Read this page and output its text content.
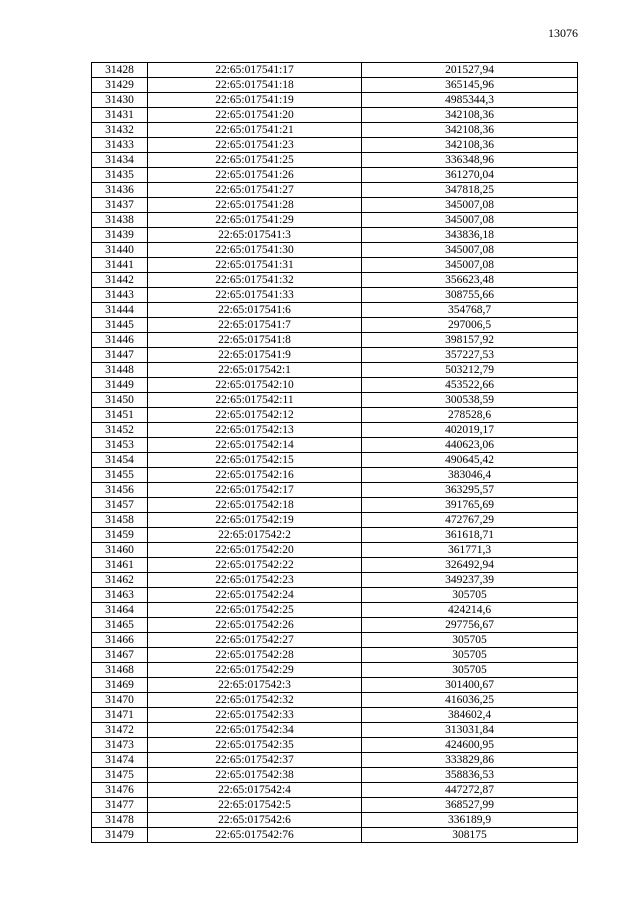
13076
31428	22:65:017541:17	201527,94
31429	22:65:017541:18	365145,96
31430	22:65:017541:19	4985344,3
31431	22:65:017541:20	342108,36
31432	22:65:017541:21	342108,36
31433	22:65:017541:23	342108,36
31434	22:65:017541:25	336348,96
31435	22:65:017541:26	361270,04
31436	22:65:017541:27	347818,25
31437	22:65:017541:28	345007,08
31438	22:65:017541:29	345007,08
31439	22:65:017541:3	343836,18
31440	22:65:017541:30	345007,08
31441	22:65:017541:31	345007,08
31442	22:65:017541:32	356623,48
31443	22:65:017541:33	308755,66
31444	22:65:017541:6	354768,7
31445	22:65:017541:7	297006,5
31446	22:65:017541:8	398157,92
31447	22:65:017541:9	357227,53
31448	22:65:017542:1	503212,79
31449	22:65:017542:10	453522,66
31450	22:65:017542:11	300538,59
31451	22:65:017542:12	278528,6
31452	22:65:017542:13	402019,17
31453	22:65:017542:14	440623,06
31454	22:65:017542:15	490645,42
31455	22:65:017542:16	383046,4
31456	22:65:017542:17	363295,57
31457	22:65:017542:18	391765,69
31458	22:65:017542:19	472767,29
31459	22:65:017542:2	361618,71
31460	22:65:017542:20	361771,3
31461	22:65:017542:22	326492,94
31462	22:65:017542:23	349237,39
31463	22:65:017542:24	305705
31464	22:65:017542:25	424214,6
31465	22:65:017542:26	297756,67
31466	22:65:017542:27	305705
31467	22:65:017542:28	305705
31468	22:65:017542:29	305705
31469	22:65:017542:3	301400,67
31470	22:65:017542:32	416036,25
31471	22:65:017542:33	384602,4
31472	22:65:017542:34	313031,84
31473	22:65:017542:35	424600,95
31474	22:65:017542:37	333829,86
31475	22:65:017542:38	358836,53
31476	22:65:017542:4	447272,87
31477	22:65:017542:5	368527,99
31478	22:65:017542:6	336189,9
31479	22:65:017542:76	308175
